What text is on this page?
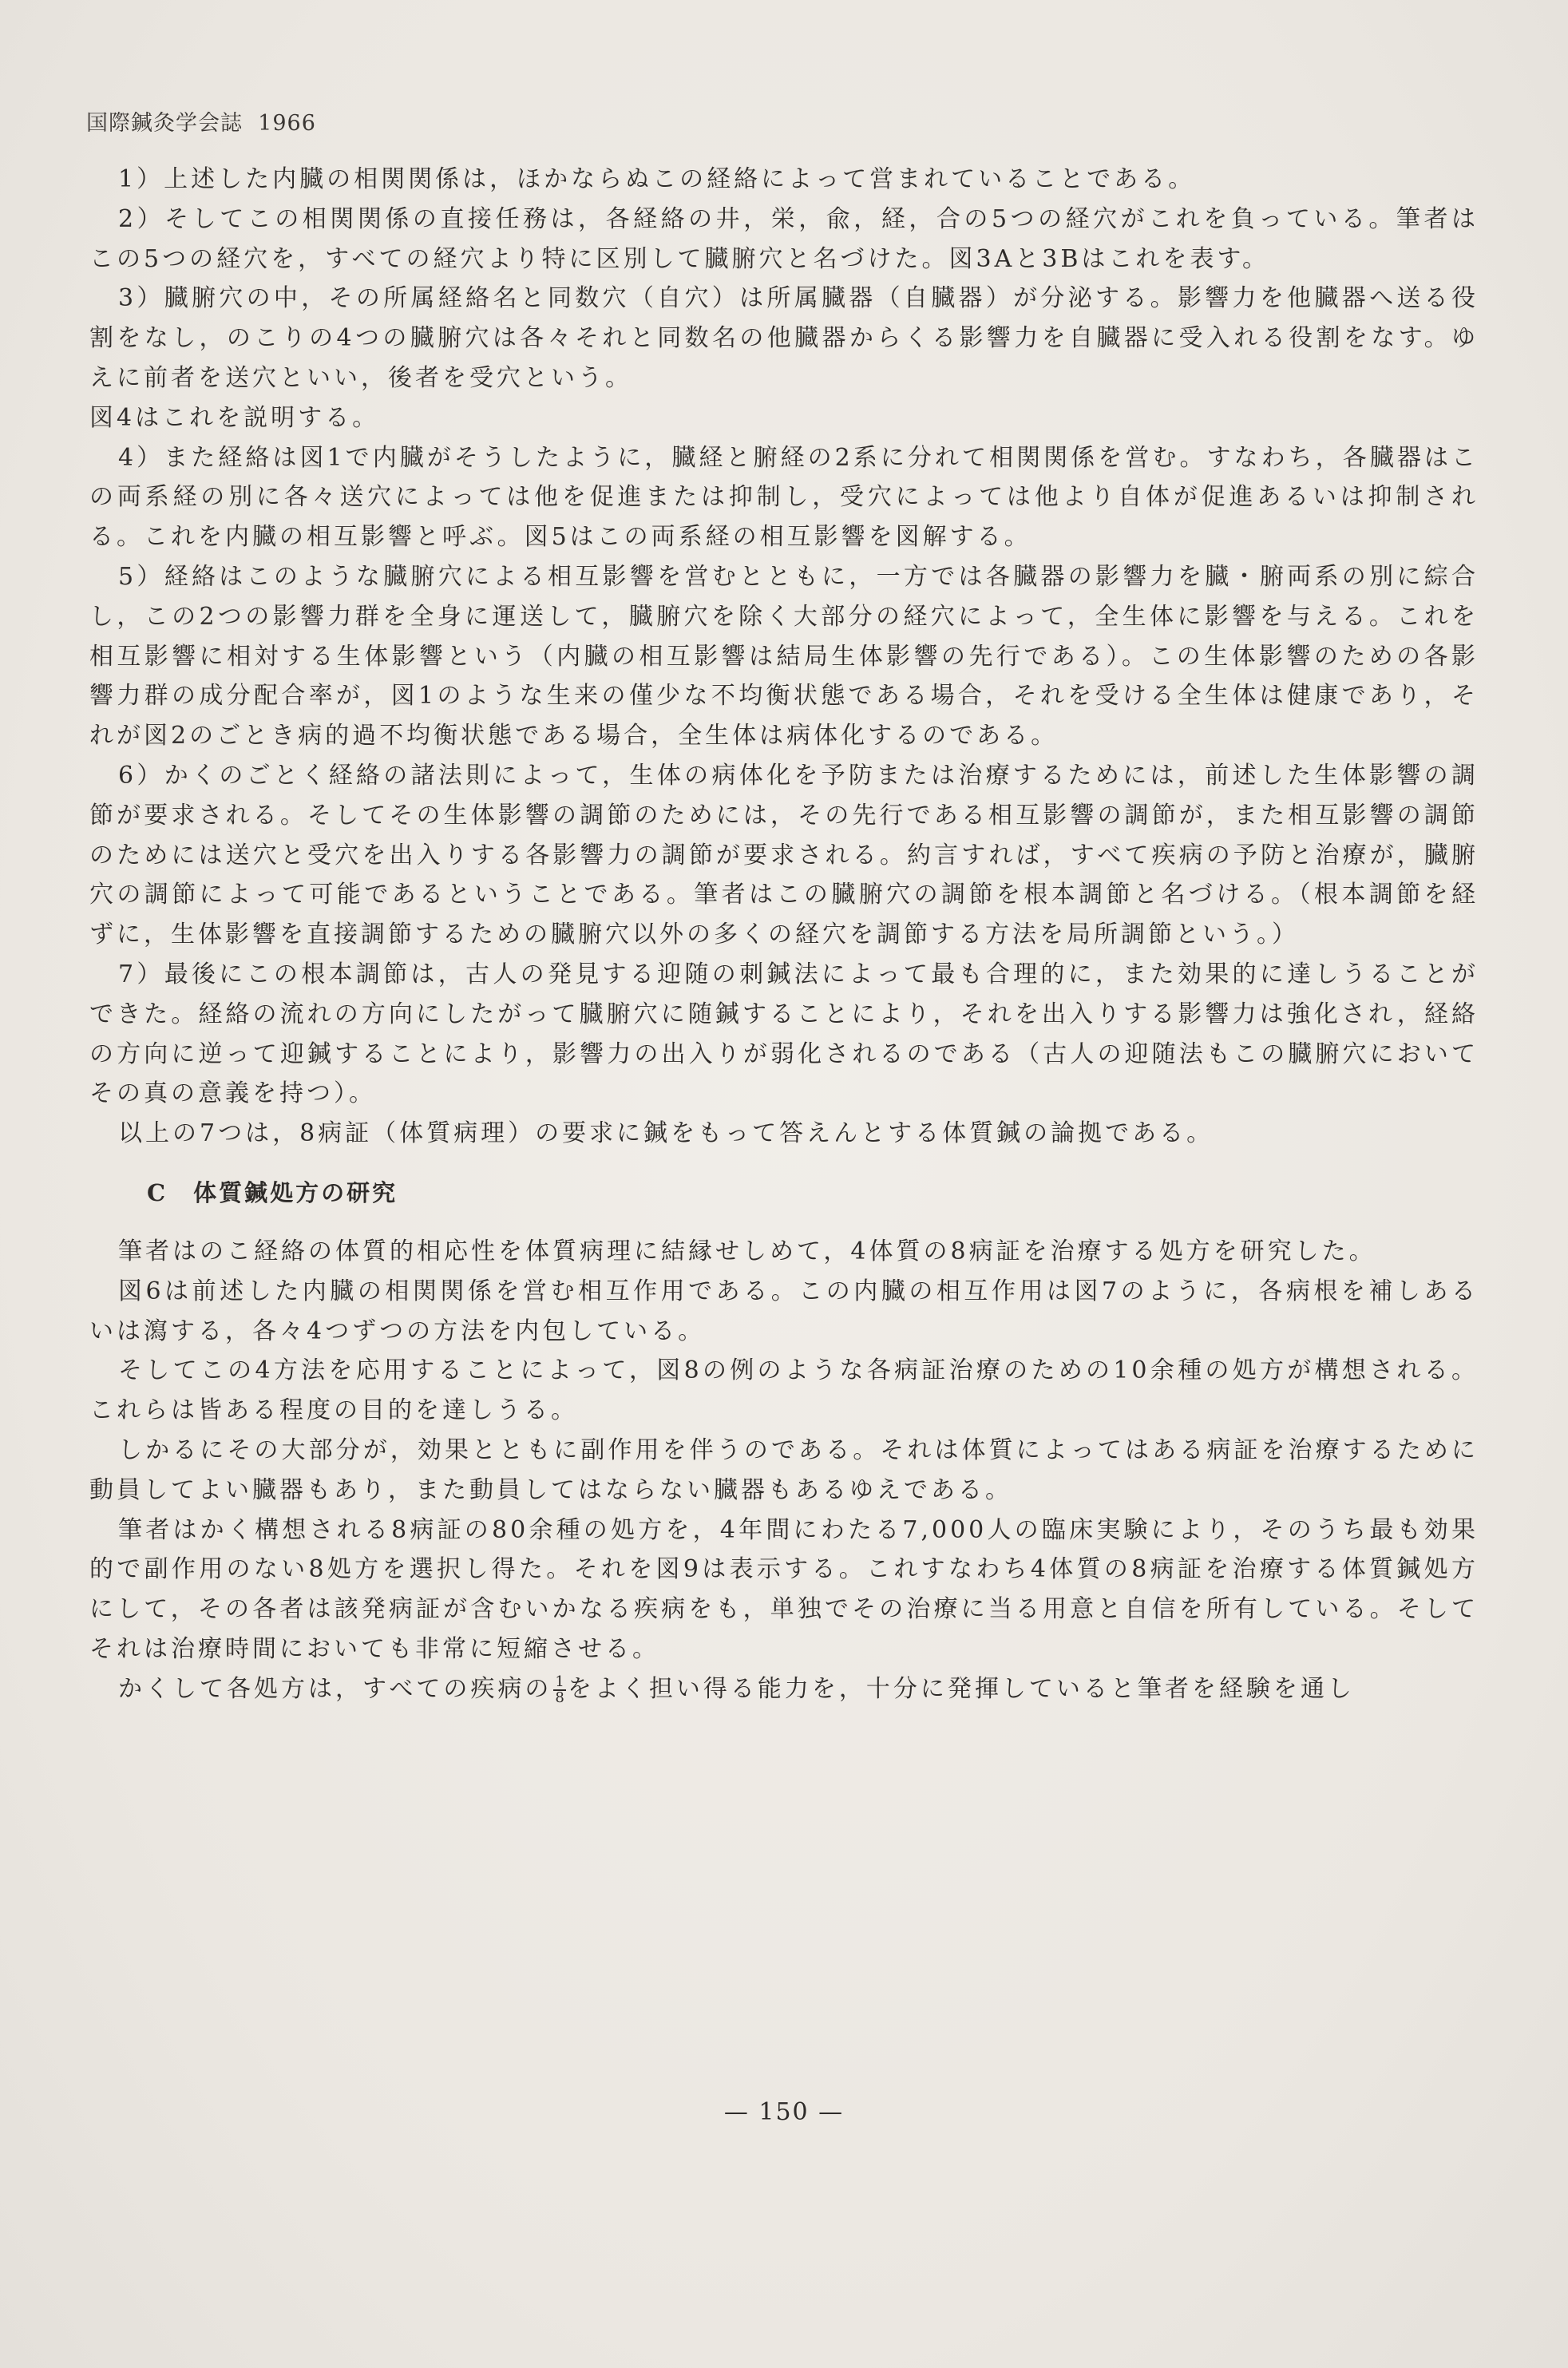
国際鍼灸学会誌 1966

1）上述した内臓の相関関係は，ほかならぬこの経絡によって営まれていることである。

2）そしてこの相関関係の直接任務は，各経絡の井，栄，兪，経，合の5つの経穴がこれを負っている。筆者はこの5つの経穴を，すべての経穴より特に区別して臓腑穴と名づけた。図3Aと3Bはこれを表す。

3）臓腑穴の中，その所属経絡名と同数穴（自穴）は所属臓器（自臓器）が分泌する。影響力を他臓器へ送る役割をなし，のこりの4つの臓腑穴は各々それと同数名の他臓器からくる影響力を自臓器に受入れる役割をなす。ゆえに前者を送穴といい，後者を受穴という。

図4はこれを説明する。

4）また経絡は図1で内臓がそうしたように，臓経と腑経の2系に分れて相関関係を営む。すなわち，各臓器はこの両系経の別に各々送穴によっては他を促進または抑制し，受穴によっては他より自体が促進あるいは抑制される。これを内臓の相互影響と呼ぶ。図5はこの両系経の相互影響を図解する。

5）経絡はこのような臓腑穴による相互影響を営むとともに，一方では各臓器の影響力を臓・腑両系の別に綜合し，この2つの影響力群を全身に運送して，臓腑穴を除く大部分の経穴によって，全生体に影響を与える。これを相互影響に相対する生体影響という（内臓の相互影響は結局生体影響の先行である）。この生体影響のための各影響力群の成分配合率が，図1のような生来の僅少な不均衡状態である場合，それを受ける全生体は健康であり，それが図2のごとき病的過不均衡状態である場合，全生体は病体化するのである。

6）かくのごとく経絡の諸法則によって，生体の病体化を予防または治療するためには，前述した生体影響の調節が要求される。そしてその生体影響の調節のためには，その先行である相互影響の調節が，また相互影響の調節のためには送穴と受穴を出入りする各影響力の調節が要求される。約言すれば，すべて疾病の予防と治療が，臓腑穴の調節によって可能であるということである。筆者はこの臓腑穴の調節を根本調節と名づける。（根本調節を経ずに，生体影響を直接調節するための臓腑穴以外の多くの経穴を調節する方法を局所調節という。）

7）最後にこの根本調節は，古人の発見する迎随の刺鍼法によって最も合理的に，また効果的に達しうることができた。経絡の流れの方向にしたがって臓腑穴に随鍼することにより，それを出入りする影響力は強化され，経絡の方向に逆って迎鍼することにより，影響力の出入りが弱化されるのである（古人の迎随法もこの臓腑穴においてその真の意義を持つ）。

以上の7つは，8病証（体質病理）の要求に鍼をもって答えんとする体質鍼の論拠である。

C　体質鍼処方の研究

筆者はのこ経絡の体質的相応性を体質病理に結縁せしめて，4体質の8病証を治療する処方を研究した。

図6は前述した内臓の相関関係を営む相互作用である。この内臓の相互作用は図7のように，各病根を補しあるいは瀉する，各々4つずつの方法を内包している。

そしてこの4方法を応用することによって，図8の例のような各病証治療のための10余種の処方が構想される。これらは皆ある程度の目的を達しうる。

しかるにその大部分が，効果とともに副作用を伴うのである。それは体質によってはある病証を治療するために動員してよい臓器もあり，また動員してはならない臓器もあるゆえである。

筆者はかく構想される8病証の80余種の処方を，4年間にわたる7,000人の臨床実験により，そのうち最も効果的で副作用のない8処方を選択し得た。それを図9は表示する。これすなわち4体質の8病証を治療する体質鍼処方にして，その各者は該発病証が含むいかなる疾病をも，単独でその治療に当る用意と自信を所有している。そしてそれは治療時間においても非常に短縮させる。

かくして各処方は，すべての疾病の $\frac{1}{8}$ をよく担い得る能力を，十分に発揮していると筆者を経験を通し

— 150 —
